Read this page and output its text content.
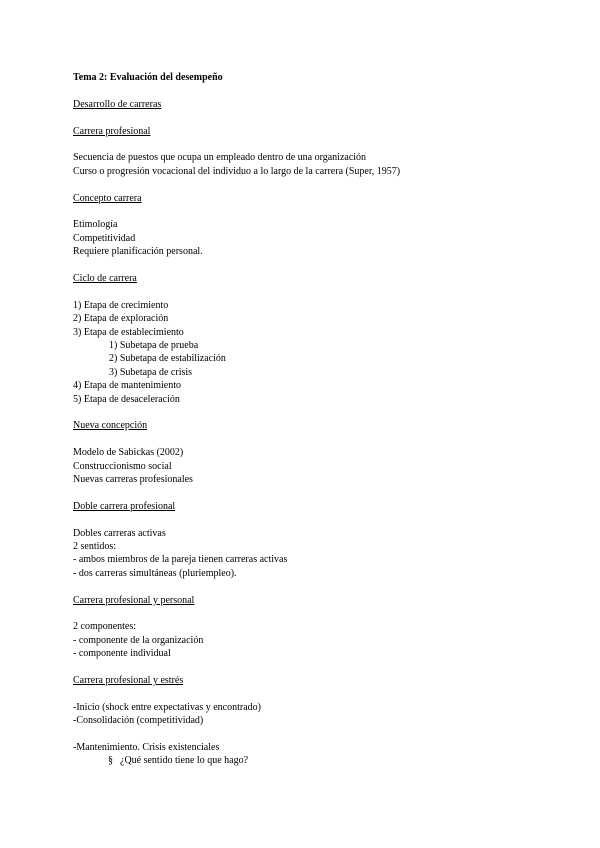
Tema 2: Evaluación del desempeño
Desarrollo de carreras
Carrera profesional
Secuencia de puestos que ocupa un empleado dentro de una organización
Curso o progresión vocacional del individuo a lo largo de la carrera (Super, 1957)
Concepto carrera
Etimología
Competitividad
Requiere planificación personal.
Ciclo de carrera
1) Etapa de crecimiento
2) Etapa de exploración
3) Etapa de establecimiento
1) Subetapa de prueba
2) Subetapa de estabilización
3) Subetapa de crisis
4) Etapa de mantenimiento
5) Etapa de desaceleración
Nueva concepción
Modelo de Sabickas (2002)
Construccionismo social
Nuevas carreras profesionales
Doble carrera profesional
Dobles carreras activas
2 sentidos:
- ambos miembros de la pareja tienen carreras activas
- dos carreras simultáneas (pluriempleo).
Carrera profesional y personal
2 componentes:
- componente de la organización
- componente individual
Carrera profesional y estrés
-Inicio (shock entre expectativas y encontrado)
-Consolidación (competitividad)
-Mantenimiento. Crisis existenciales
§ ¿Qué sentido tiene lo que hago?
